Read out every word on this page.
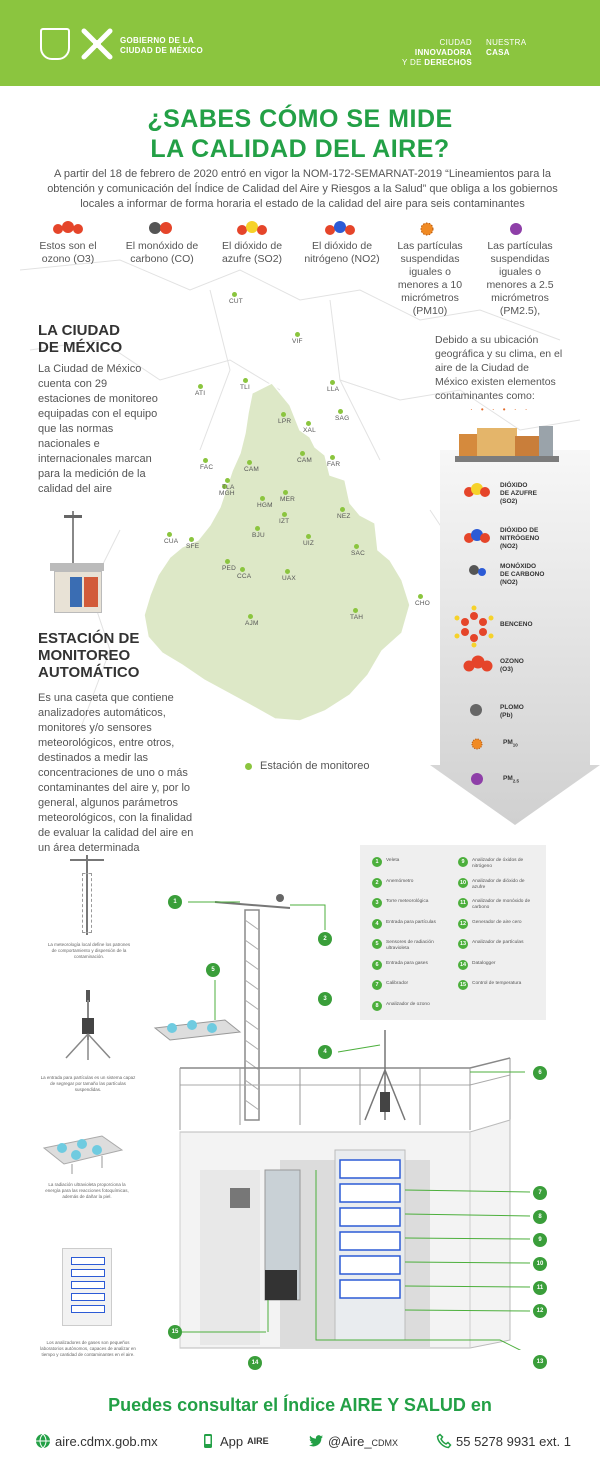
GOBIERNO DE LA
CIUDAD DE MÉXICO
CIUDAD INNOVADORA
Y DE DERECHOS
NUESTRA
CASA
¿SABES CÓMO SE MIDE
LA CALIDAD DEL AIRE?
A partir del 18 de febrero de 2020 entró en vigor la NOM-172-SEMARNAT-2019 “Lineamientos para la obtención y comunicación del Índice de Calidad del Aire y Riesgos a la Salud” que obliga a los gobiernos locales a informar de forma horaria el estado de la calidad del aire para seis contaminantes
Estos son el ozono (O3)
El monóxido de carbono (CO)
El dióxido de azufre (SO2)
El dióxido de nitrógeno (NO2)
Las partículas suspendidas iguales o menores a 10 micrómetros (PM10)
Las partículas suspendidas iguales o menores a 2.5 micrómetros (PM2.5),
LA CIUDAD
DE MÉXICO
La Ciudad de México cuenta con 29 estaciones de monitoreo equipadas con el equipo que las normas nacionales e internacionales marcan para la medición de la calidad del aire
CUT
VIF
ATI
TLI	LLA
LPR	SAG
XAL
FAC	CAM
CAM
FAR
MGH
HGM
MER
NEZ
IZT
CUA
SFE
BJU
UIZ
SAC
PED
CCA	UAX
CHO
AJM
TAH
TLA
Estación de monitoreo
Debido a su ubicación geográfica y su clima, en el aire de la Ciudad de México existen elementos contaminantes como:
· • · • · ·
DIÓXIDO
DE AZUFRE
(SO2)
DIÓXIDO DE
NITRÓGENO
(NO2)
MONÓXIDO
DE CARBONO
(NO2)
BENCENO
OZONO
(O3)
PLOMO
(Pb)
$PM_{10}$
$PM_{2.5}$
ESTACIÓN DE
MONITOREO
AUTOMÁTICO
Es una caseta que contiene analizadores automáticos, monitores y/o sensores meteorológicos, entre otros, destinados a medir las concentraciones de uno o más contaminantes del aire y, por lo general, algunos parámetros meteorológicos, con la finalidad de evaluar la calidad del aire en un área determinada
1	Veleta
2	Anemómetro
3	Torre meteorológica
4	Entrada para partículas
5	Sensores de radiación ultravioleta
6	Entrada para gases
7	Calibrador
8	Analizador de ozono
9	Analizador de óxidos de nitrógeno
10	Analizador de dióxido de azufre
11	Analizador de monóxido de carbono
12	Generador de aire cero
13	Analizador de partículas
14	Datalogger
15	Control de temperatura
La meteorología local define los patrones de comportamiento y dispersión de la contaminación.
La entrada para partículas es un sistema capaz de segregar por tamaño las partículas suspendidas.
La radiación ultravioleta proporciona la energía para las reacciones fotoquímicas, además de dañar la piel.
Los analizadores de gases son pequeños laboratorios autónomos, capaces de analizar en tiempo y cantidad de contaminantes en el aire.
1
2
3
4
5
6
7
8
9
10
11
12
13
14
15
Puedes consultar el Índice AIRE Y SALUD en
aire.cdmx.gob.mx	App AIRE	@Aire_CDMX	55 5278 9931 ext. 1
